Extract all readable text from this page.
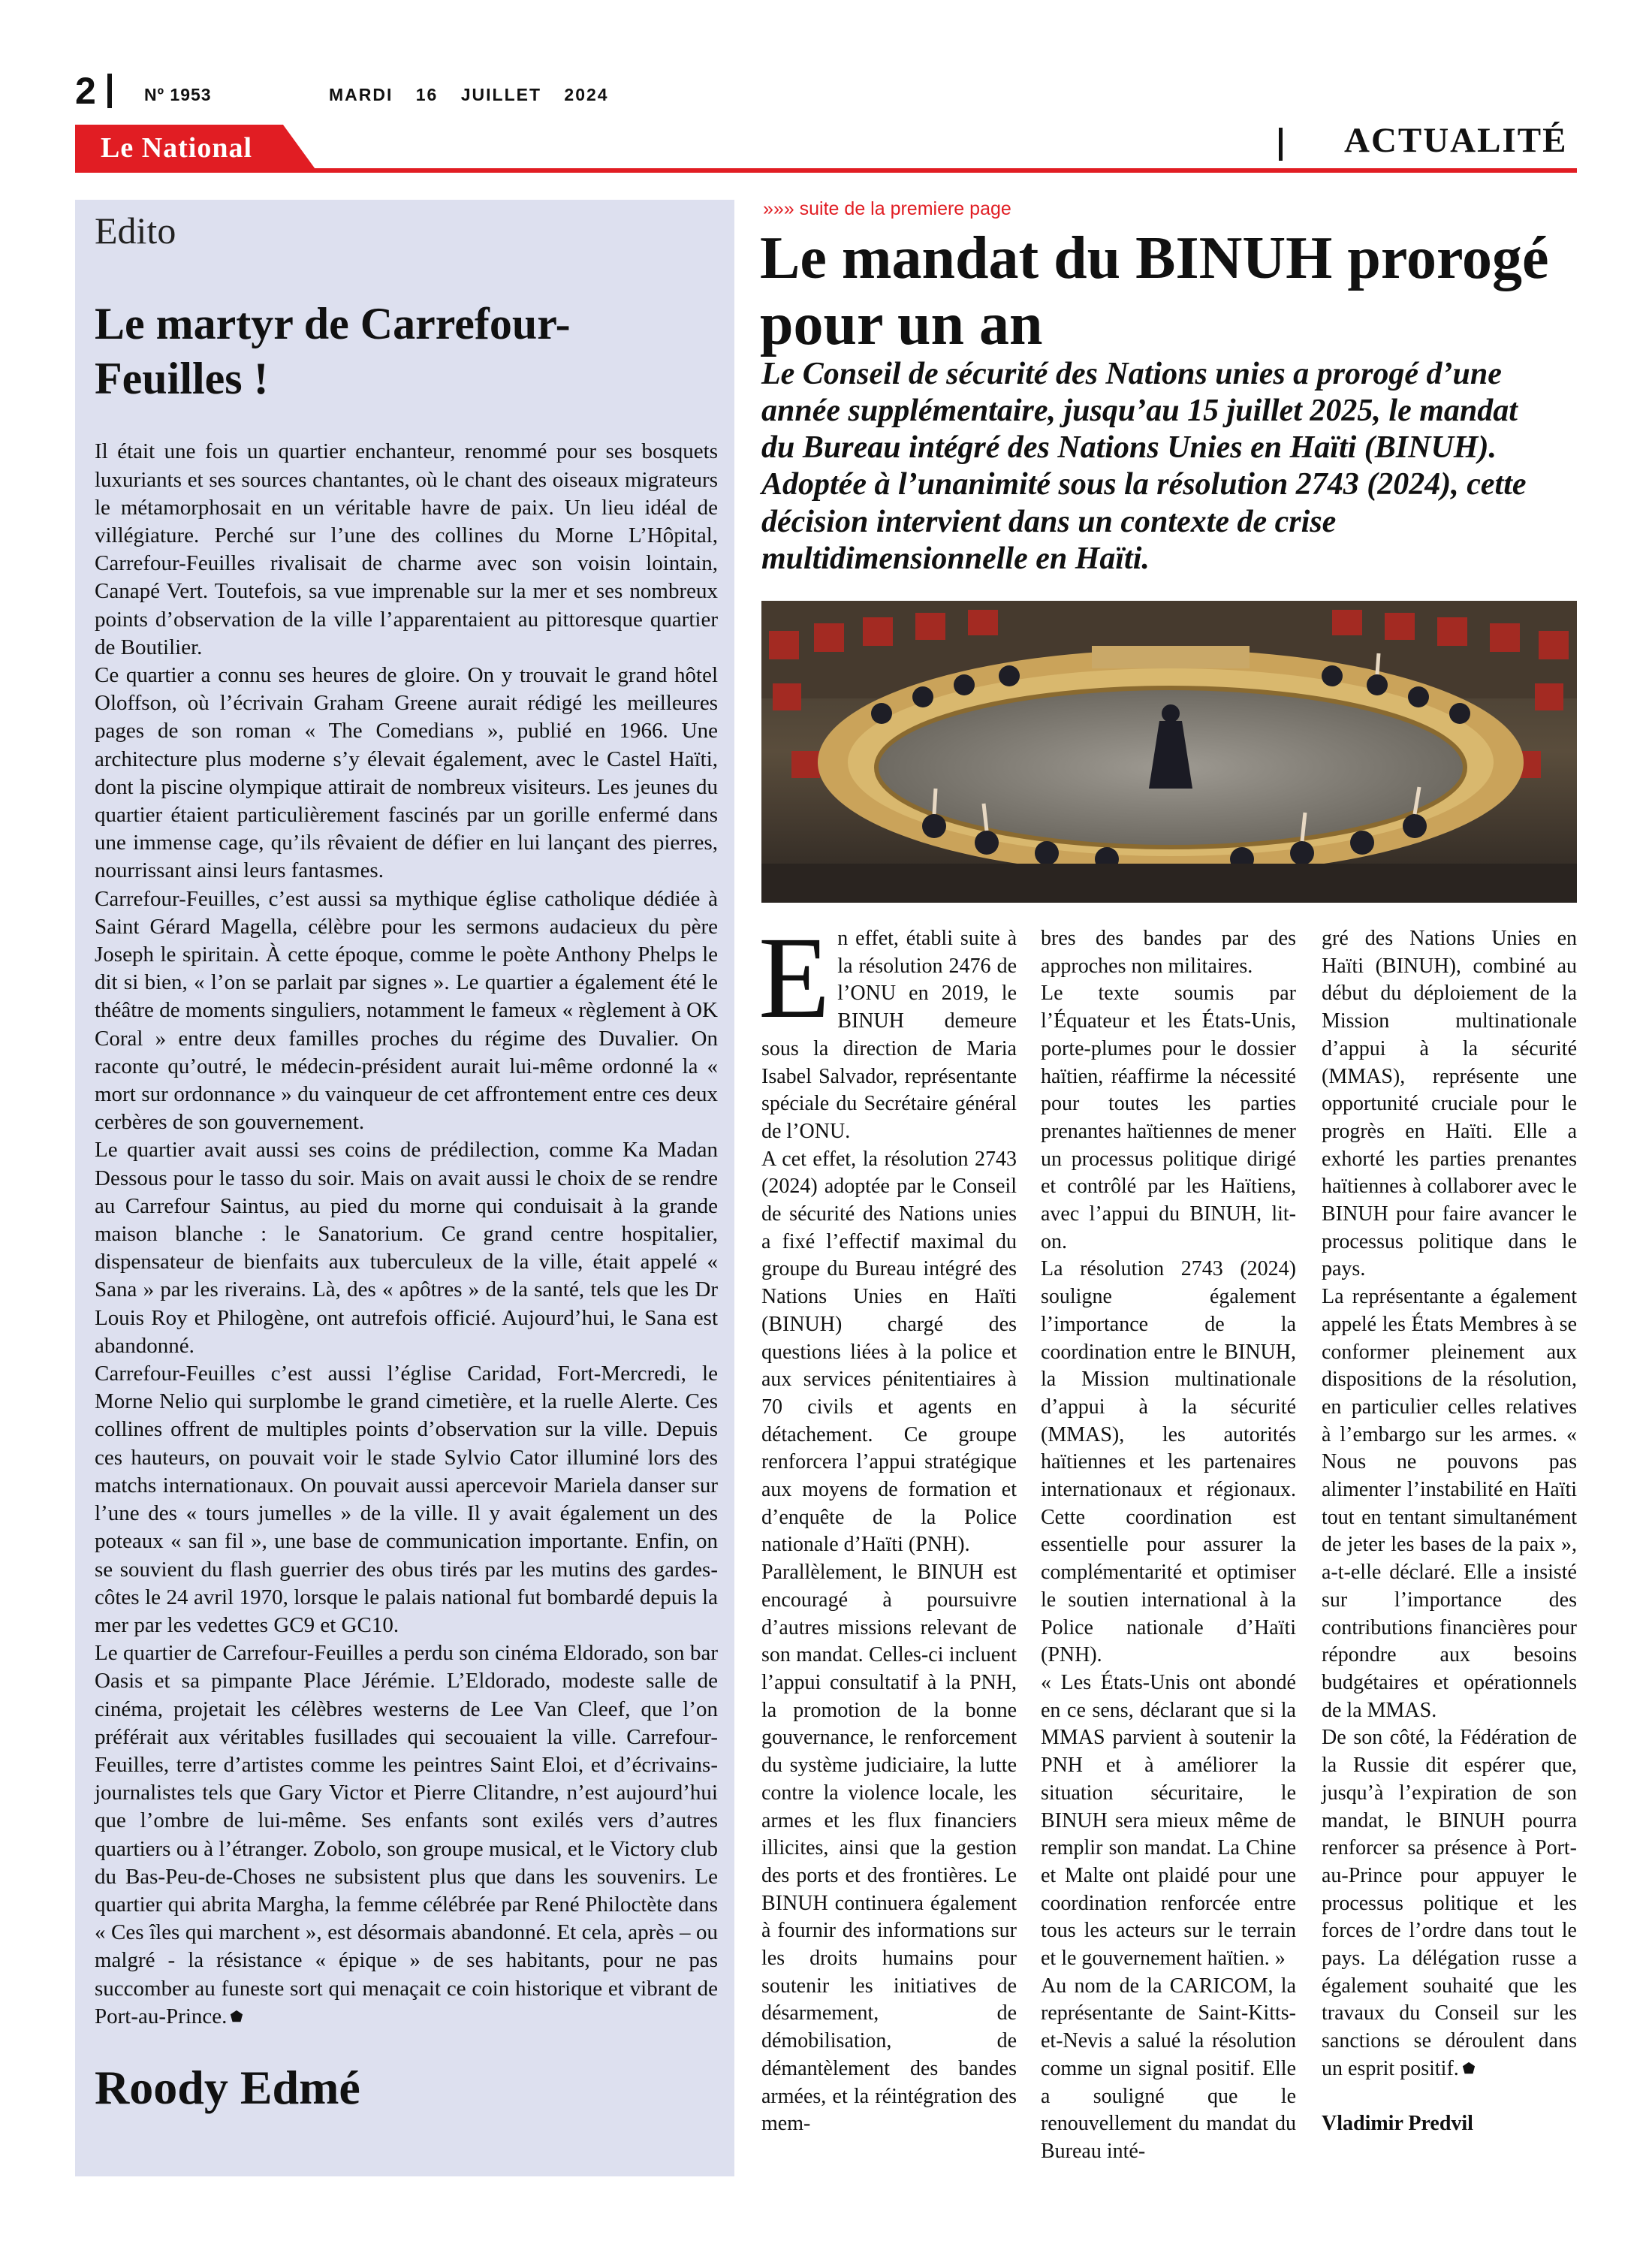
2	Nº 1953	MARDI 16 JUILLET 2024
Le National	ACTUALITÉ
Edito
Le martyr de Carrefour-Feuilles !

Il était une fois un quartier enchanteur, renommé pour ses bosquets luxuriants et ses sources chantantes, où le chant des oiseaux migrateurs le métamorphosait en un véritable havre de paix. Un lieu idéal de villégiature. Perché sur l’une des collines du Morne L’Hôpital, Carrefour-Feuilles rivalisait de charme avec son voisin lointain, Canapé Vert. Toutefois, sa vue imprenable sur la mer et ses nombreux points d’observation de la ville l’apparentaient au pittoresque quartier de Boutilier.

Ce quartier a connu ses heures de gloire. On y trouvait le grand hôtel Oloffson, où l’écrivain Graham Greene aurait rédigé les meilleures pages de son roman « The Comedians », publié en 1966. Une architecture plus moderne s’y élevait également, avec le Castel Haïti, dont la piscine olympique attirait de nombreux visiteurs. Les jeunes du quartier étaient particulièrement fascinés par un gorille enfermé dans une immense cage, qu’ils rêvaient de défier en lui lançant des pierres, nourrissant ainsi leurs fantasmes.

Carrefour-Feuilles, c’est aussi sa mythique église catholique dédiée à Saint Gérard Magella, célèbre pour les sermons audacieux du père Joseph le spiritain. À cette époque, comme le poète Anthony Phelps le dit si bien, « l’on se parlait par signes ». Le quartier a également été le théâtre de moments singuliers, notamment le fameux « règlement à OK Coral » entre deux familles proches du régime des Duvalier. On raconte qu’outré, le médecin-président aurait lui-même ordonné la « mort sur ordonnance » du vainqueur de cet affrontement entre ces deux cerbères de son gouvernement.

Le quartier avait aussi ses coins de prédilection, comme Ka Madan Dessous pour le tasso du soir. Mais on avait aussi le choix de se rendre au Carrefour Saintus, au pied du morne qui conduisait à la grande maison blanche : le Sanatorium. Ce grand centre hospitalier, dispensateur de bienfaits aux tuberculeux de la ville, était appelé « Sana » par les riverains. Là, des « apôtres » de la santé, tels que les Dr Louis Roy et Philogène, ont autrefois officié. Aujourd’hui, le Sana est abandonné.

Carrefour-Feuilles c’est aussi l’église Caridad, Fort-Mercredi, le Morne Nelio qui surplombe le grand cimetière, et la ruelle Alerte. Ces collines offrent de multiples points d’observation sur la ville. Depuis ces hauteurs, on pouvait voir le stade Sylvio Cator illuminé lors des matchs internationaux. On pouvait aussi apercevoir Mariela danser sur l’une des « tours jumelles » de la ville. Il y avait également un des poteaux « san fil », une base de communication importante. Enfin, on se souvient du flash guerrier des obus tirés par les mutins des gardes-côtes le 24 avril 1970, lorsque le palais national fut bombardé depuis la mer par les vedettes GC9 et GC10.

Le quartier de Carrefour-Feuilles a perdu son cinéma Eldorado, son bar Oasis et sa pimpante Place Jérémie. L’Eldorado, modeste salle de cinéma, projetait les célèbres westerns de Lee Van Cleef, que l’on préférait aux véritables fusillades qui secouaient la ville. Carrefour-Feuilles, terre d’artistes comme les peintres Saint Eloi, et d’écrivains-journalistes tels que Gary Victor et Pierre Clitandre, n’est aujourd’hui que l’ombre de lui-même. Ses enfants sont exilés vers d’autres quartiers ou à l’étranger. Zobolo, son groupe musical, et le Victory club du Bas-Peu-de-Choses ne subsistent plus que dans les souvenirs. Le quartier qui abrita Margha, la femme célébrée par René Philoctète dans « Ces îles qui marchent », est désormais abandonné. Et cela, après – ou malgré - la résistance « épique » de ses habitants, pour ne pas succomber au funeste sort qui menaçait ce coin historique et vibrant de Port-au-Prince.

Roody Edmé
»»» suite de la premiere page
Le mandat du BINUH prorogé pour un an
Le Conseil de sécurité des Nations unies a prorogé d’une année supplémentaire, jusqu’au 15 juillet 2025, le mandat du Bureau intégré des Nations Unies en Haïti (BINUH). Adoptée à l’unanimité sous la résolution 2743 (2024), cette décision intervient dans un contexte de crise multidimensionnelle en Haïti.

En effet, établi suite à la résolution 2476 de l’ONU en 2019, le BINUH demeure sous la direction de Maria Isabel Salvador, représentante spéciale du Secrétaire général de l’ONU.

A cet effet, la résolution 2743 (2024) adoptée par le Conseil de sécurité des Nations unies a fixé l’effectif maximal du groupe du Bureau intégré des Nations Unies en Haïti (BINUH) chargé des questions liées à la police et aux services pénitentiaires à 70 civils et agents en détachement. Ce groupe renforcera l’appui stratégique aux moyens de formation et d’enquête de la Police nationale d’Haïti (PNH).

Parallèlement, le BINUH est encouragé à poursuivre d’autres missions relevant de son mandat. Celles-ci incluent l’appui consultatif à la PNH, la promotion de la bonne gouvernance, le renforcement du système judiciaire, la lutte contre la violence locale, les armes et les flux financiers illicites, ainsi que la gestion des ports et des frontières. Le BINUH continuera également à fournir des informations sur les droits humains pour soutenir les initiatives de désarmement, de démobilisation, de démantèlement des bandes armées, et la réintégration des mem-

bres des bandes par des approches non militaires.

Le texte soumis par l’Équateur et les États-Unis, porte-plumes pour le dossier haïtien, réaffirme la nécessité pour toutes les parties prenantes haïtiennes de mener un processus politique dirigé et contrôlé par les Haïtiens, avec l’appui du BINUH, lit-on.

La résolution 2743 (2024) souligne également l’importance de la coordination entre le BINUH, la Mission multinationale d’appui à la sécurité (MMAS), les autorités haïtiennes et les partenaires internationaux et régionaux. Cette coordination est essentielle pour assurer la complémentarité et optimiser le soutien international à la Police nationale d’Haïti (PNH).

« Les États-Unis ont abondé en ce sens, déclarant que si la MMAS parvient à soutenir la PNH et à améliorer la situation sécuritaire, le BINUH sera mieux même de remplir son mandat. La Chine et Malte ont plaidé pour une coordination renforcée entre tous les acteurs sur le terrain et le gouvernement haïtien. »

Au nom de la CARICOM, la représentante de Saint-Kitts-et-Nevis a salué la résolution comme un signal positif. Elle a souligné que le renouvellement du mandat du Bureau inté-

gré des Nations Unies en Haïti (BINUH), combiné au début du déploiement de la Mission multinationale d’appui à la sécurité (MMAS), représente une opportunité cruciale pour le progrès en Haïti. Elle a exhorté les parties prenantes haïtiennes à collaborer avec le BINUH pour faire avancer le processus politique dans le pays.

La représentante a également appelé les États Membres à se conformer pleinement aux dispositions de la résolution, en particulier celles relatives à l’embargo sur les armes. « Nous ne pouvons pas alimenter l’instabilité en Haïti tout en tentant simultanément de jeter les bases de la paix », a-t-elle déclaré. Elle a insisté sur l’importance des contributions financières pour répondre aux besoins budgétaires et opérationnels de la MMAS.

De son côté, la Fédération de la Russie dit espérer que, jusqu’à l’expiration de son mandat, le BINUH pourra renforcer sa présence à Port-au-Prince pour appuyer le processus politique et les forces de l’ordre dans tout le pays. La délégation russe a également souhaité que les travaux du Conseil sur les sanctions se déroulent dans un esprit positif.

Vladimir Predvil
